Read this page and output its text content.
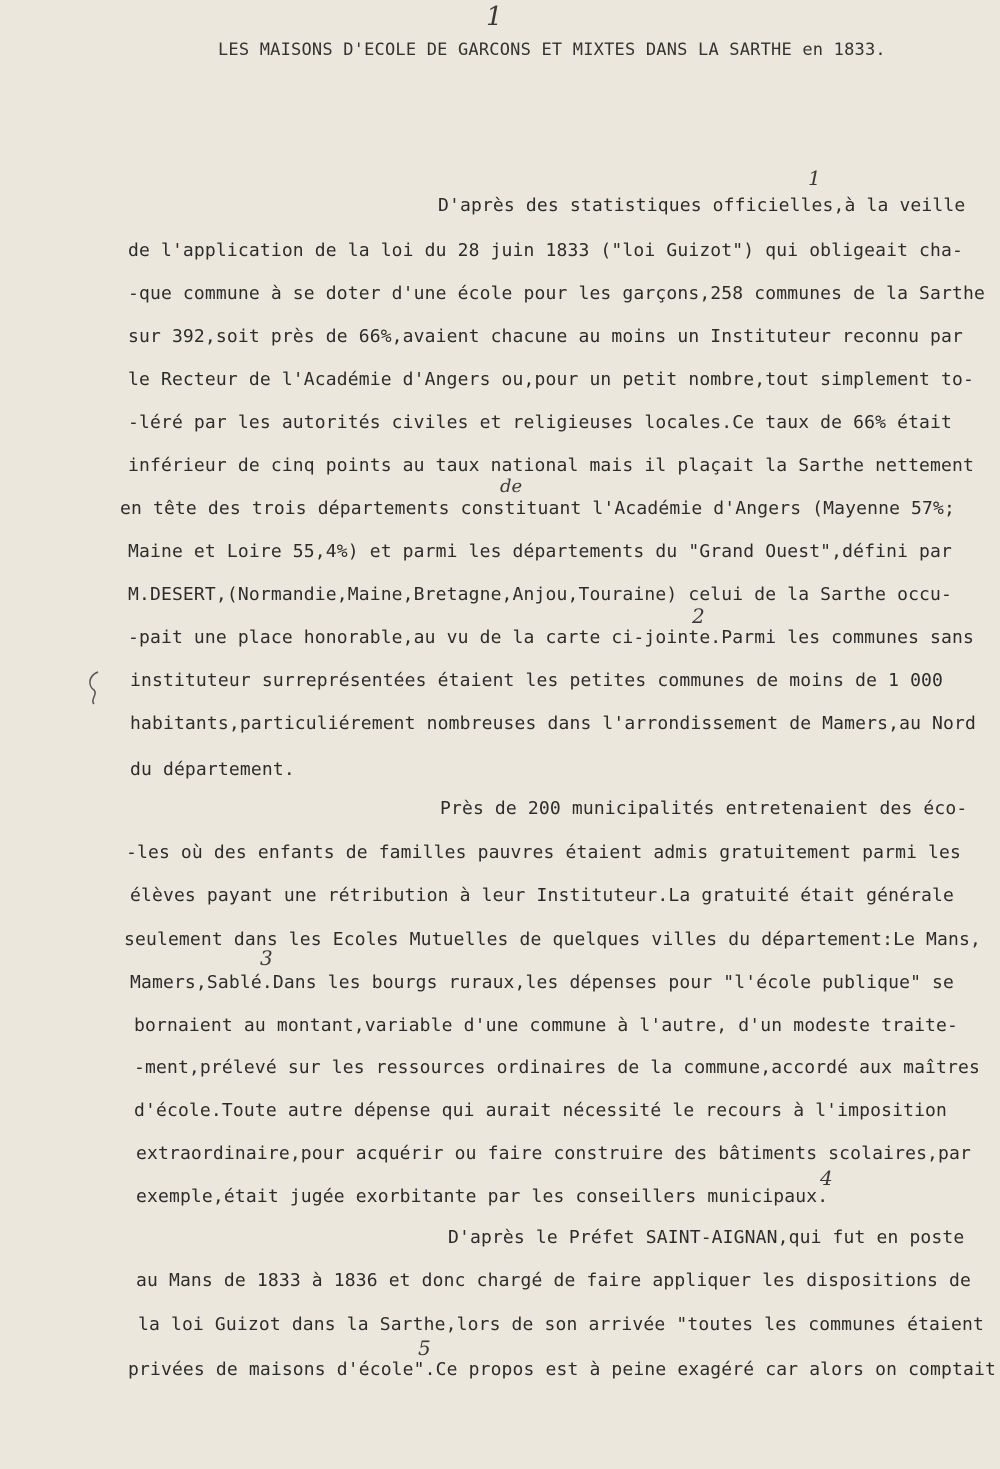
1
LES MAISONS D'ECOLE DE GARCONS ET MIXTES DANS LA SARTHE en 1833.
D'après des statistiques officielles,à la veille
de l'application de la loi du 28 juin 1833 ("loi Guizot") qui obligeait cha-
-que commune à se doter d'une école pour les garçons,258 communes de la Sarthe
sur 392,soit près de 66%,avaient chacune au moins un Instituteur reconnu par
le Recteur de l'Académie d'Angers ou,pour un petit nombre,tout simplement to-
-léré par les autorités civiles et religieuses locales.Ce taux de 66% était
inférieur de cinq points au taux national mais il plaçait la Sarthe nettement
en tête des trois départements constituant l'Académie d'Angers (Mayenne 57%;
Maine et Loire 55,4%) et parmi les départements du "Grand Ouest",défini par
M.DESERT,(Normandie,Maine,Bretagne,Anjou,Touraine) celui de la Sarthe occu-
-pait une place honorable,au vu de la carte ci-jointe.Parmi les communes sans
instituteur surreprésentées étaient les petites communes de moins de 1 000
habitants,particuliérement nombreuses dans l'arrondissement de Mamers,au Nord
du département.
Près de 200 municipalités entretenaient des éco-
-les où des enfants de familles pauvres étaient admis gratuitement parmi les
élèves payant une rétribution à leur Instituteur.La gratuité était générale
seulement dans les Ecoles Mutuelles de quelques villes du département:Le Mans,
Mamers,Sablé.Dans les bourgs ruraux,les dépenses pour "l'école publique" se
bornaient au montant,variable d'une commune à l'autre, d'un modeste traite-
-ment,prélevé sur les ressources ordinaires de la commune,accordé aux maîtres
d'école.Toute autre dépense qui aurait nécessité le recours à l'imposition
extraordinaire,pour acquérir ou faire construire des bâtiments scolaires,par
exemple,était jugée exorbitante par les conseillers municipaux.
D'après le Préfet SAINT-AIGNAN,qui fut en poste
au Mans de 1833 à 1836 et donc chargé de faire appliquer les dispositions de
la loi Guizot dans la Sarthe,lors de son arrivée "toutes les communes étaient
privées de maisons d'école".Ce propos est à peine exagéré car alors on comptait
1
de
2
3
4
5
